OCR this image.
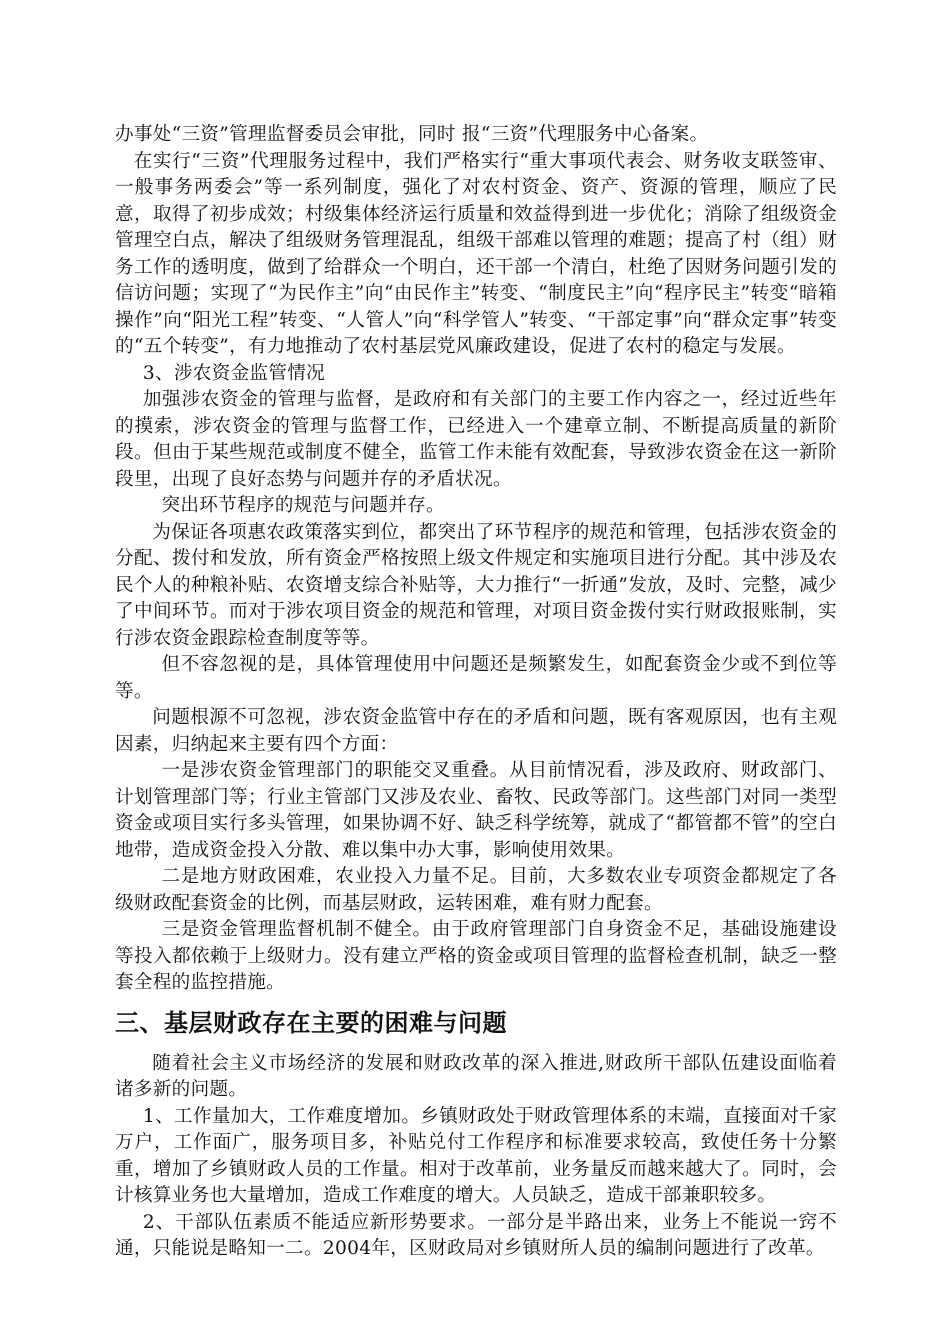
办事处“三资”管理监督委员会审批，同时 报“三资”代理服务中心备案。

在实行“三资”代理服务过程中，我们严格实行“重大事项代表会、财务收支联签审、一般事务两委会”等一系列制度，强化了对农村资金、资产、资源的管理，顺应了民意，取得了初步成效；村级集体经济运行质量和效益得到进一步优化；消除了组级资金管理空白点，解决了组级财务管理混乱，组级干部难以管理的难题；提高了村（组）财务工作的透明度，做到了给群众一个明白，还干部一个清白，杜绝了因财务问题引发的信访问题；实现了“为民作主”向“由民作主”转变、“制度民主”向“程序民主”转变“暗箱操作”向“阳光工程”转变、“人管人”向“科学管人”转变、“干部定事”向“群众定事”转变的“五个转变”，有力地推动了农村基层党风廉政建设，促进了农村的稳定与发展。

3、涉农资金监管情况

加强涉农资金的管理与监督，是政府和有关部门的主要工作内容之一，经过近些年的摸索，涉农资金的管理与监督工作，已经进入一个建章立制、不断提高质量的新阶段。但由于某些规范或制度不健全，监管工作未能有效配套，导致涉农资金在这一新阶段里，出现了良好态势与问题并存的矛盾状况。

突出环节程序的规范与问题并存。

为保证各项惠农政策落实到位，都突出了环节程序的规范和管理，包括涉农资金的分配、拨付和发放，所有资金严格按照上级文件规定和实施项目进行分配。其中涉及农民个人的种粮补贴、农资增支综合补贴等，大力推行“一折通”发放，及时、完整，减少了中间环节。而对于涉农项目资金的规范和管理，对项目资金拨付实行财政报账制，实行涉农资金跟踪检查制度等等。

但不容忽视的是，具体管理使用中问题还是频繁发生，如配套资金少或不到位等等。

问题根源不可忽视，涉农资金监管中存在的矛盾和问题，既有客观原因，也有主观因素，归纳起来主要有四个方面：

一是涉农资金管理部门的职能交叉重叠。从目前情况看，涉及政府、财政部门、计划管理部门等；行业主管部门又涉及农业、畜牧、民政等部门。这些部门对同一类型资金或项目实行多头管理，如果协调不好、缺乏科学统筹，就成了“都管都不管”的空白地带，造成资金投入分散、难以集中办大事，影响使用效果。

二是地方财政困难，农业投入力量不足。目前，大多数农业专项资金都规定了各级财政配套资金的比例，而基层财政，运转困难，难有财力配套。

三是资金管理监督机制不健全。由于政府管理部门自身资金不足，基础设施建设等投入都依赖于上级财力。没有建立严格的资金或项目管理的监督检查机制，缺乏一整套全程的监控措施。

三、基层财政存在主要的困难与问题

随着社会主义市场经济的发展和财政改革的深入推进,财政所干部队伍建设面临着诸多新的问题。

1、工作量加大，工作难度增加。乡镇财政处于财政管理体系的末端，直接面对千家万户，工作面广，服务项目多，补贴兑付工作程序和标准要求较高，致使任务十分繁重，增加了乡镇财政人员的工作量。相对于改革前，业务量反而越来越大了。同时，会计核算业务也大量增加，造成工作难度的增大。人员缺乏，造成干部兼职较多。

2、干部队伍素质不能适应新形势要求。一部分是半路出来，业务上不能说一窍不通，只能说是略知一二。2004年，区财政局对乡镇财所人员的编制问题进行了改革。
